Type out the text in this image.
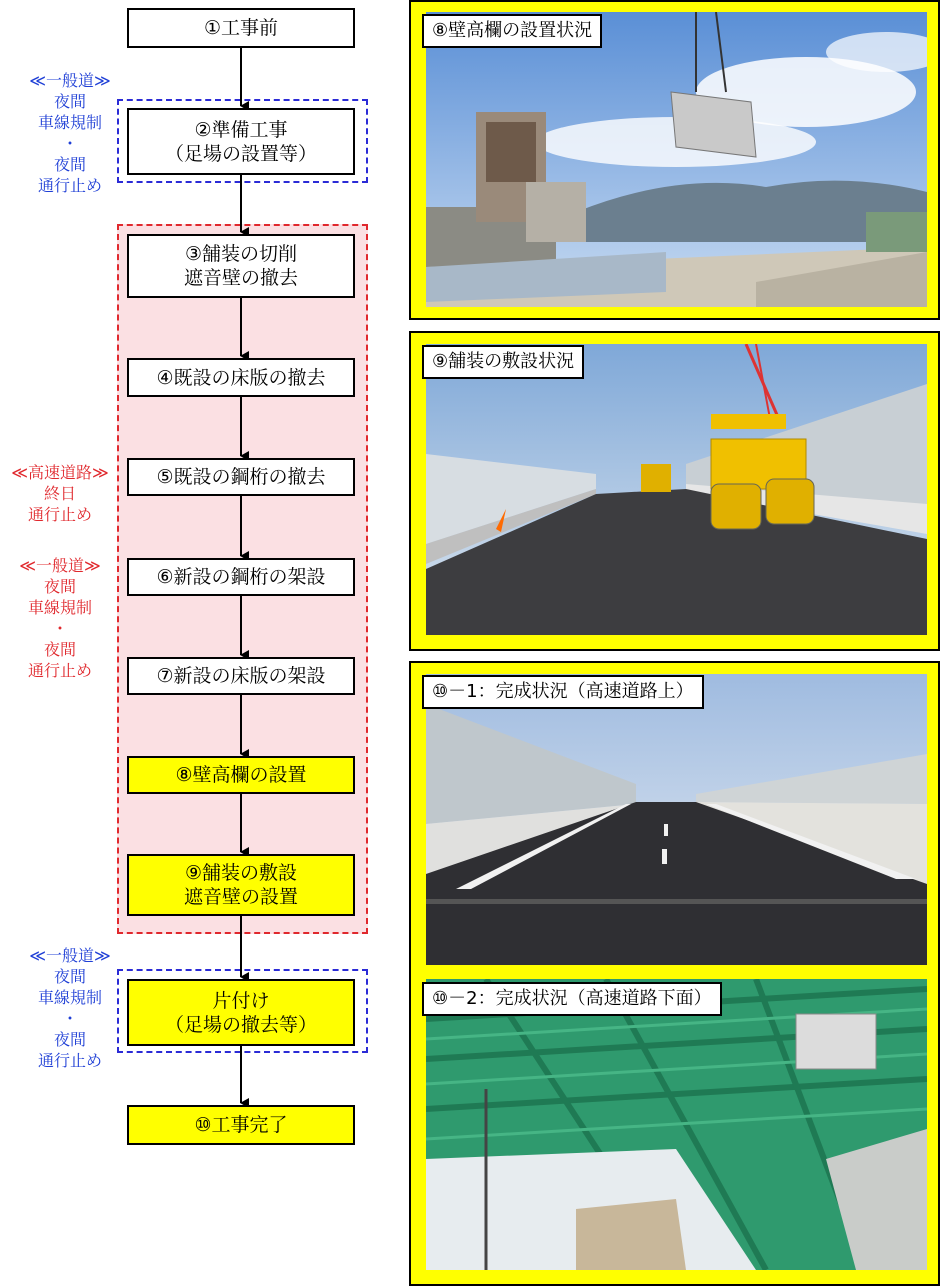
①工事前
②準備工事
（足場の設置等）
③舗装の切削
遮音壁の撤去
④既設の床版の撤去
⑤既設の鋼桁の撤去
⑥新設の鋼桁の架設
⑦新設の床版の架設
⑧壁高欄の設置
⑨舗装の敷設
遮音壁の設置
片付け
（足場の撤去等）
⑩工事完了
≪一般道≫
夜間
車線規制
・
夜間
通行止め
≪高速道路≫
終日
通行止め
≪一般道≫
夜間
車線規制
・
夜間
通行止め
≪一般道≫
夜間
車線規制
・
夜間
通行止め
⑧壁高欄の設置状況
⑨舗装の敷設状況
⑩－1：完成状況（高速道路上）
⑩－2：完成状況（高速道路下面）
